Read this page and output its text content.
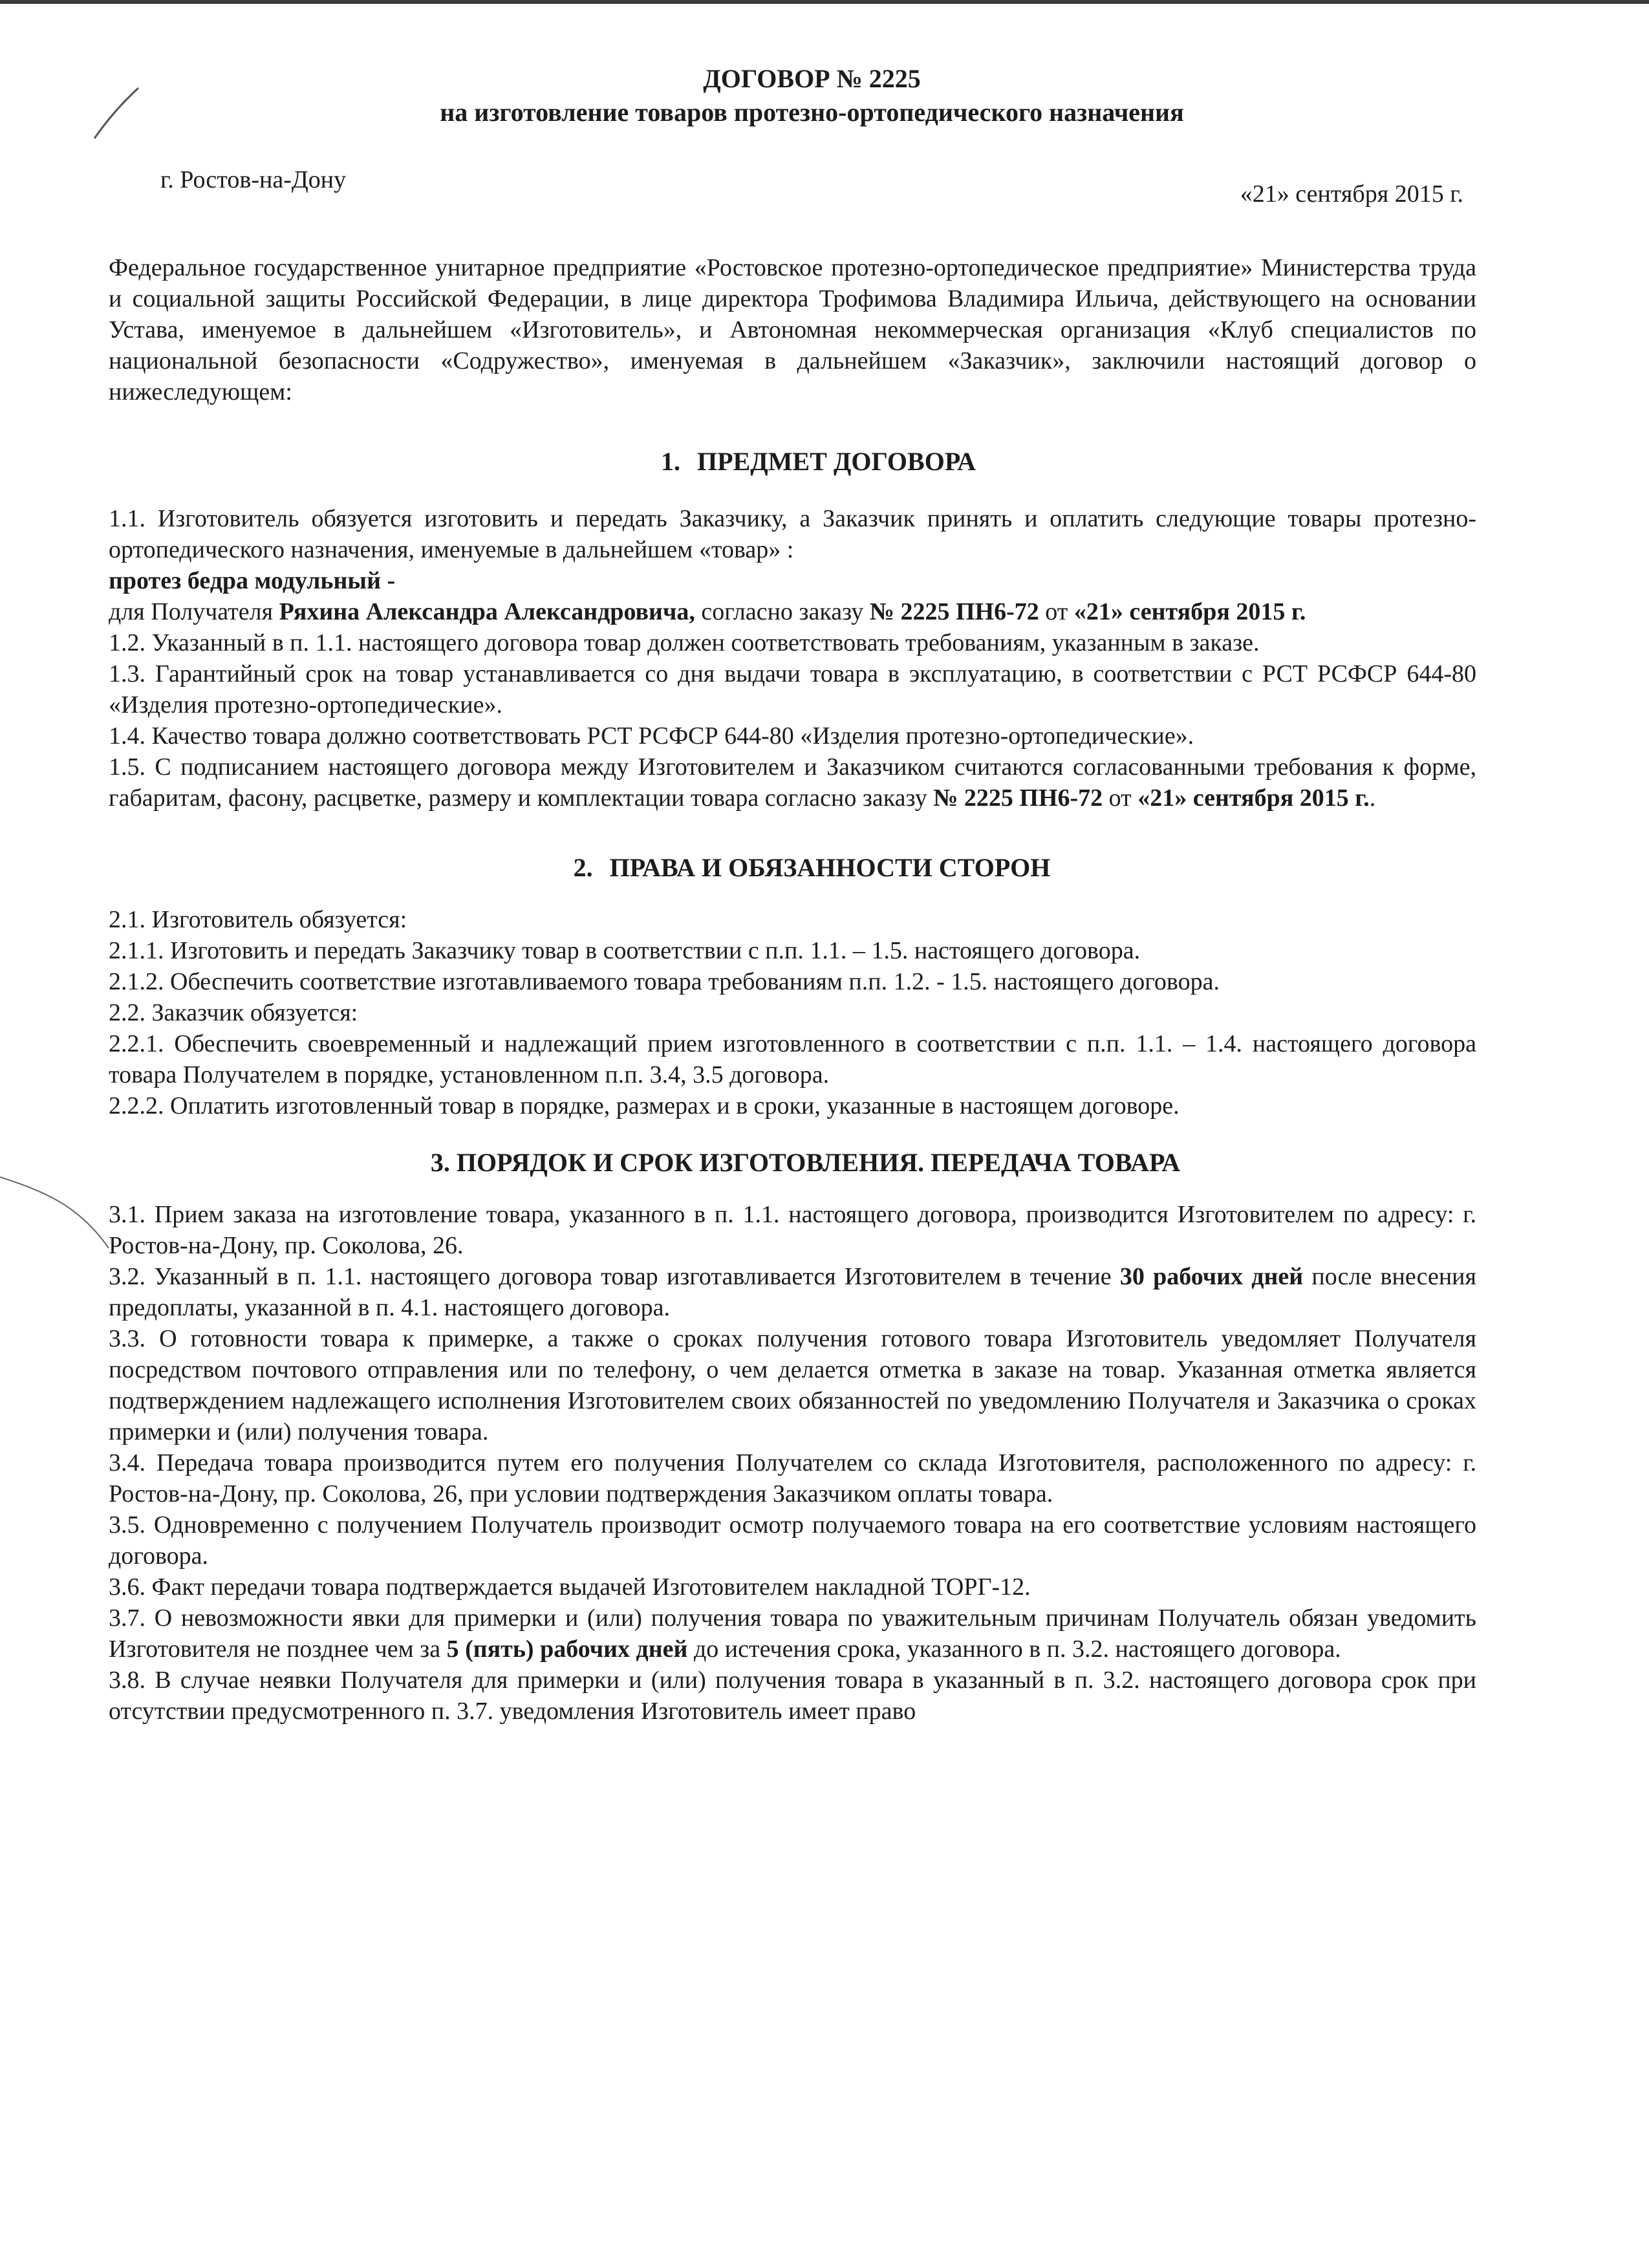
ДОГОВОР № 2225
на изготовление товаров протезно-ортопедического назначения
г. Ростов-на-Дону
«21» сентября 2015 г.

Федеральное государственное унитарное предприятие «Ростовское протезно-ортопедическое предприятие» Министерства труда и социальной защиты Российской Федерации, в лице директора Трофимова Владимира Ильича, действующего на основании Устава, именуемое в дальнейшем «Изготовитель», и Автономная некоммерческая организация «Клуб специалистов по национальной безопасности «Содружество», именуемая в дальнейшем «Заказчик», заключили настоящий договор о нижеследующем:

1. ПРЕДМЕТ ДОГОВОРА

1.1. Изготовитель обязуется изготовить и передать Заказчику, а Заказчик принять и оплатить следующие товары протезно-ортопедического назначения, именуемые в дальнейшем «товар» :

протез бедра модульный -

для Получателя Ряхина Александра Александровича, согласно заказу № 2225 ПН6-72 от «21» сентября 2015 г.

1.2. Указанный в п. 1.1. настоящего договора товар должен соответствовать требованиям, указанным в заказе.

1.3. Гарантийный срок на товар устанавливается со дня выдачи товара в эксплуатацию, в соответствии с РСТ РСФСР 644-80 «Изделия протезно-ортопедические».

1.4. Качество товара должно соответствовать РСТ РСФСР 644-80 «Изделия протезно-ортопедические».

1.5. С подписанием настоящего договора между Изготовителем и Заказчиком считаются согласованными требования к форме, габаритам, фасону, расцветке, размеру и комплектации товара согласно заказу № 2225 ПН6-72 от «21» сентября 2015 г..

2. ПРАВА И ОБЯЗАННОСТИ СТОРОН

2.1. Изготовитель обязуется:

2.1.1. Изготовить и передать Заказчику товар в соответствии с п.п. 1.1. – 1.5. настоящего договора.

2.1.2. Обеспечить соответствие изготавливаемого товара требованиям п.п. 1.2. - 1.5. настоящего договора.

2.2. Заказчик обязуется:

2.2.1. Обеспечить своевременный и надлежащий прием изготовленного в соответствии с п.п. 1.1. – 1.4. настоящего договора товара Получателем в порядке, установленном п.п. 3.4, 3.5 договора.

2.2.2. Оплатить изготовленный товар в порядке, размерах и в сроки, указанные в настоящем договоре.

3. ПОРЯДОК И СРОК ИЗГОТОВЛЕНИЯ. ПЕРЕДАЧА ТОВАРА

3.1. Прием заказа на изготовление товара, указанного в п. 1.1. настоящего договора, производится Изготовителем по адресу: г. Ростов-на-Дону, пр. Соколова, 26.

3.2. Указанный в п. 1.1. настоящего договора товар изготавливается Изготовителем в течение 30 рабочих дней после внесения предоплаты, указанной в п. 4.1. настоящего договора.

3.3. О готовности товара к примерке, а также о сроках получения готового товара Изготовитель уведомляет Получателя посредством почтового отправления или по телефону, о чем делается отметка в заказе на товар. Указанная отметка является подтверждением надлежащего исполнения Изготовителем своих обязанностей по уведомлению Получателя и Заказчика о сроках примерки и (или) получения товара.

3.4. Передача товара производится путем его получения Получателем со склада Изготовителя, расположенного по адресу: г. Ростов-на-Дону, пр. Соколова, 26, при условии подтверждения Заказчиком оплаты товара.

3.5. Одновременно с получением Получатель производит осмотр получаемого товара на его соответствие условиям настоящего договора.

3.6. Факт передачи товара подтверждается выдачей Изготовителем накладной ТОРГ-12.

3.7. О невозможности явки для примерки и (или) получения товара по уважительным причинам Получатель обязан уведомить Изготовителя не позднее чем за 5 (пять) рабочих дней до истечения срока, указанного в п. 3.2. настоящего договора.

3.8. В случае неявки Получателя для примерки и (или) получения товара в указанный в п. 3.2. настоящего договора срок при отсутствии предусмотренного п. 3.7. уведомления Изготовитель имеет право
